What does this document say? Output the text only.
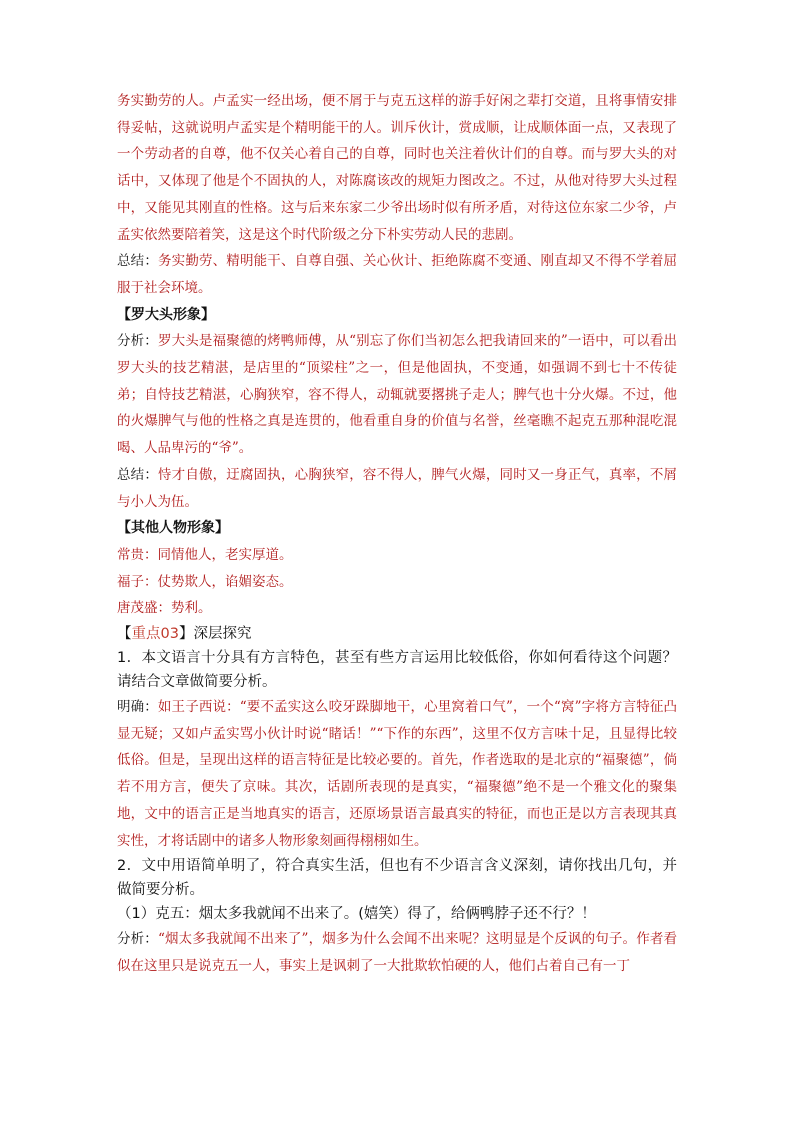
务实勤劳的人。卢孟实一经出场，便不屑于与克五这样的游手好闲之辈打交道，且将事情安排得妥帖，这就说明卢孟实是个精明能干的人。训斥伙计，赏成顺，让成顺体面一点，又表现了一个劳动者的自尊，他不仅关心着自己的自尊，同时也关注着伙计们的自尊。而与罗大头的对话中，又体现了他是个不固执的人，对陈腐该改的规矩力图改之。不过，从他对待罗大头过程中，又能见其刚直的性格。这与后来东家二少爷出场时似有所矛盾，对待这位东家二少爷，卢孟实依然要陪着笑，这是这个时代阶级之分下朴实劳动人民的悲剧。

总结：务实勤劳、精明能干、自尊自强、关心伙计、拒绝陈腐不变通、刚直却又不得不学着屈服于社会环境。

【罗大头形象】

分析：罗大头是福聚德的烤鸭师傅，从“别忘了你们当初怎么把我请回来的”一语中，可以看出罗大头的技艺精湛，是店里的“顶梁柱”之一，但是他固执，不变通，如强调不到七十不传徒弟；自恃技艺精湛，心胸狭窄，容不得人，动辄就要撂挑子走人；脾气也十分火爆。不过，他的火爆脾气与他的性格之真是连贯的，他看重自身的价值与名誉，丝毫瞧不起克五那种混吃混喝、人品卑污的“爷”。

总结：恃才自傲，迂腐固执，心胸狭窄，容不得人，脾气火爆，同时又一身正气，真率，不屑与小人为伍。

【其他人物形象】

常贵：同情他人，老实厚道。

福子：仗势欺人，谄媚姿态。

唐茂盛：势利。

【重点03】深层探究

1．本文语言十分具有方言特色，甚至有些方言运用比较低俗，你如何看待这个问题？请结合文章做简要分析。

明确：如王子西说：“要不孟实这么咬牙跺脚地干，心里窝着口气”，一个“窝”字将方言特征凸显无疑；又如卢孟实骂小伙计时说“睹话！”“下作的东西”，这里不仅方言味十足，且显得比较低俗。但是，呈现出这样的语言特征是比较必要的。首先，作者选取的是北京的“福聚德”，倘若不用方言，便失了京味。其次，话剧所表现的是真实，“福聚德”绝不是一个雅文化的聚集地，文中的语言正是当地真实的语言，还原场景语言最真实的特征，而也正是以方言表现其真实性，才将话剧中的诸多人物形象刻画得栩栩如生。

2．文中用语简单明了，符合真实生活，但也有不少语言含义深刻，请你找出几句，并做简要分析。

（1）克五：烟太多我就闻不出来了。(嬉笑）得了，给俩鸭脖子还不行？！

分析：“烟太多我就闻不出来了”，烟多为什么会闻不出来呢？这明显是个反讽的句子。作者看似在这里只是说克五一人，事实上是讽刺了一大批欺软怕硬的人，他们占着自己有一丁
